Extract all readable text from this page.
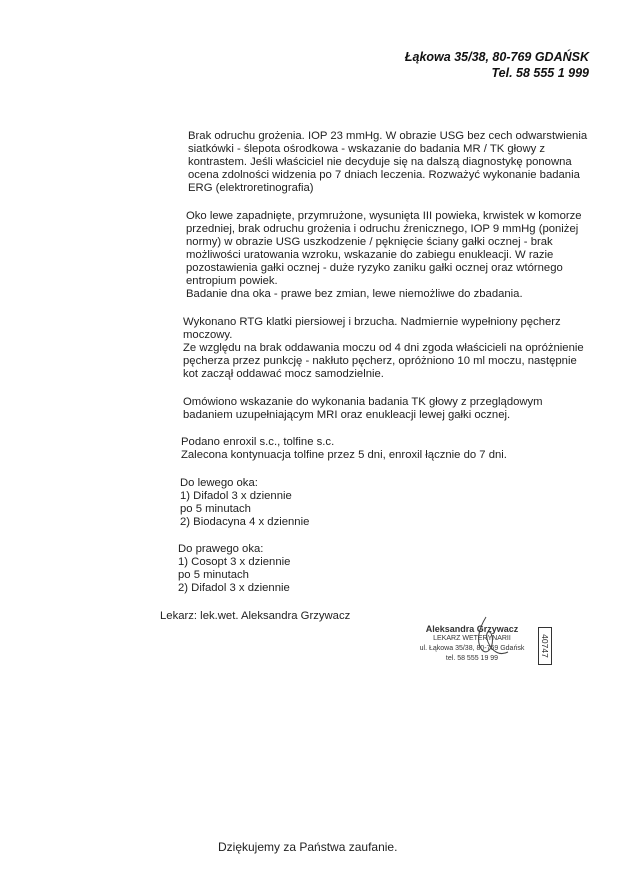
Łąkowa 35/38, 80-769 GDAŃSK
Tel. 58 555 1 999
Brak odruchu grożenia. IOP 23 mmHg. W obrazie USG bez cech odwarstwienia
siatkówki - ślepota ośrodkowa - wskazanie do badania MR / TK głowy z
kontrastem. Jeśli właściciel nie decyduje się na dalszą diagnostykę ponowna
ocena zdolności widzenia po 7 dniach leczenia. Rozważyć wykonanie badania
ERG (elektroretinografia)
Oko lewe zapadnięte, przymrużone, wysunięta III powieka, krwistek w komorze
przedniej, brak odruchu grożenia i odruchu źrenicznego, IOP 9 mmHg (poniżej
normy) w obrazie USG uszkodzenie / pęknięcie ściany gałki ocznej - brak
możliwości uratowania wzroku, wskazanie do zabiegu enukleacji. W razie
pozostawienia gałki ocznej - duże ryzyko zaniku gałki ocznej oraz wtórnego
entropium powiek.
Badanie dna oka - prawe bez zmian, lewe niemożliwe do zbadania.
Wykonano RTG klatki piersiowej i brzucha. Nadmiernie wypełniony pęcherz
moczowy.
Ze względu na brak oddawania moczu od 4 dni zgoda właścicieli na opróżnienie
pęcherza przez punkcję - nakłuto pęcherz, opróżniono 10 ml moczu, następnie
kot zaczął oddawać mocz samodzielnie.
Omówiono wskazanie do wykonania badania TK głowy z przeglądowym
badaniem uzupełniającym MRI oraz enukleacji lewej gałki ocznej.
Podano enroxil s.c., tolfine s.c.
Zalecona kontynuacja tolfine przez 5 dni, enroxil łącznie do 7 dni.
Do lewego oka:
1) Difadol 3 x dziennie
po 5 minutach
2) Biodacyna 4 x dziennie
Do prawego oka:
1) Cosopt 3 x dziennie
po 5 minutach
2) Difadol 3 x dziennie
Lekarz: lek.wet. Aleksandra Grzywacz
Aleksandra Grzywacz
LEKARZ WETERYNARII
ul. Łąkowa 35/38, 80-769 Gdańsk
tel. 58 555 19 99
40747
Dziękujemy za Państwa zaufanie.
